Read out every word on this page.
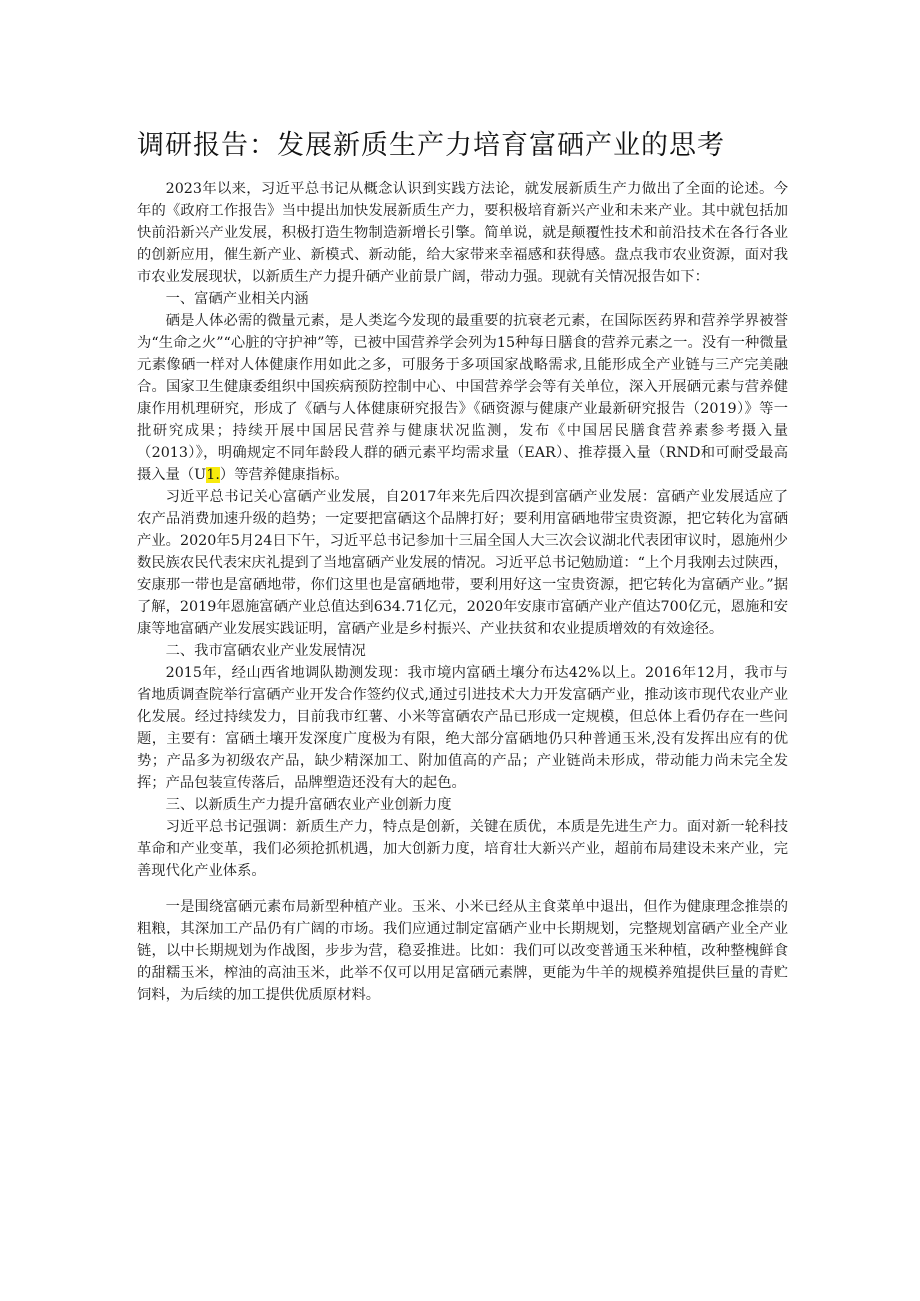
调研报告：发展新质生产力培育富硒产业的思考

2023年以来，习近平总书记从概念认识到实践方法论，就发展新质生产力做出了全面的论述。今年的《政府工作报告》当中提出加快发展新质生产力，要积极培育新兴产业和未来产业。其中就包括加快前沿新兴产业发展，积极打造生物制造新增长引擎。简单说，就是颠覆性技术和前沿技术在各行各业的创新应用，催生新产业、新模式、新动能，给大家带来幸福感和获得感。盘点我市农业资源，面对我市农业发展现状，以新质生产力提升硒产业前景广阔，带动力强。现就有关情况报告如下：

一、富硒产业相关内涵

硒是人体必需的微量元素，是人类迄今发现的最重要的抗衰老元素，在国际医药界和营养学界被誉为“生命之火”“心脏的守护神”等，已被中国营养学会列为15种每日膳食的营养元素之一。没有一种微量元素像硒一样对人体健康作用如此之多，可服务于多项国家战略需求,且能形成全产业链与三产完美融合。国家卫生健康委组织中国疾病预防控制中心、中国营养学会等有关单位，深入开展硒元素与营养健康作用机理研究，形成了《硒与人体健康研究报告》《硒资源与健康产业最新研究报告（2019）》等一批研究成果；持续开展中国居民营养与健康状况监测，发布《中国居民膳食营养素参考摄入量（2013）》，明确规定不同年龄段人群的硒元素平均需求量（EAR）、推荐摄入量（RND和可耐受最高摄入量（U1.）等营养健康指标。

习近平总书记关心富硒产业发展，自2017年来先后四次提到富硒产业发展：富硒产业发展适应了农产品消费加速升级的趋势；一定要把富硒这个品牌打好；要利用富硒地带宝贵资源，把它转化为富硒产业。2020年5月24日下午，习近平总书记参加十三届全国人大三次会议湖北代表团审议时，恩施州少数民族农民代表宋庆礼提到了当地富硒产业发展的情况。习近平总书记勉励道：“上个月我刚去过陕西，安康那一带也是富硒地带，你们这里也是富硒地带，要利用好这一宝贵资源，把它转化为富硒产业。”据了解，2019年恩施富硒产业总值达到634.71亿元，2020年安康市富硒产业产值达700亿元，恩施和安康等地富硒产业发展实践证明，富硒产业是乡村振兴、产业扶贫和农业提质增效的有效途径。

二、我市富硒农业产业发展情况

2015年，经山西省地调队勘测发现：我市境内富硒土壤分布达42%以上。2016年12月，我市与省地质调查院举行富硒产业开发合作签约仪式,通过引进技术大力开发富硒产业，推动该市现代农业产业化发展。经过持续发力，目前我市红薯、小米等富硒农产品已形成一定规模，但总体上看仍存在一些问题，主要有：富硒土壤开发深度广度极为有限，绝大部分富硒地仍只种普通玉米,没有发挥出应有的优势；产品多为初级农产品，缺少精深加工、附加值高的产品；产业链尚未形成，带动能力尚未完全发挥；产品包装宣传落后，品牌塑造还没有大的起色。

三、以新质生产力提升富硒农业产业创新力度

习近平总书记强调：新质生产力，特点是创新，关键在质优，本质是先进生产力。面对新一轮科技革命和产业变革，我们必须抢抓机遇，加大创新力度，培育壮大新兴产业，超前布局建设未来产业，完善现代化产业体系。

一是围绕富硒元素布局新型种植产业。玉米、小米已经从主食菜单中退出，但作为健康理念推崇的粗粮，其深加工产品仍有广阔的市场。我们应通过制定富硒产业中长期规划，完整规划富硒产业全产业链，以中长期规划为作战图，步步为营，稳妥推进。比如：我们可以改变普通玉米种植，改种整槐鲜食的甜糯玉米，榨油的高油玉米，此举不仅可以用足富硒元素牌，更能为牛羊的规模养殖提供巨量的青贮饲料，为后续的加工提供优质原材料。
